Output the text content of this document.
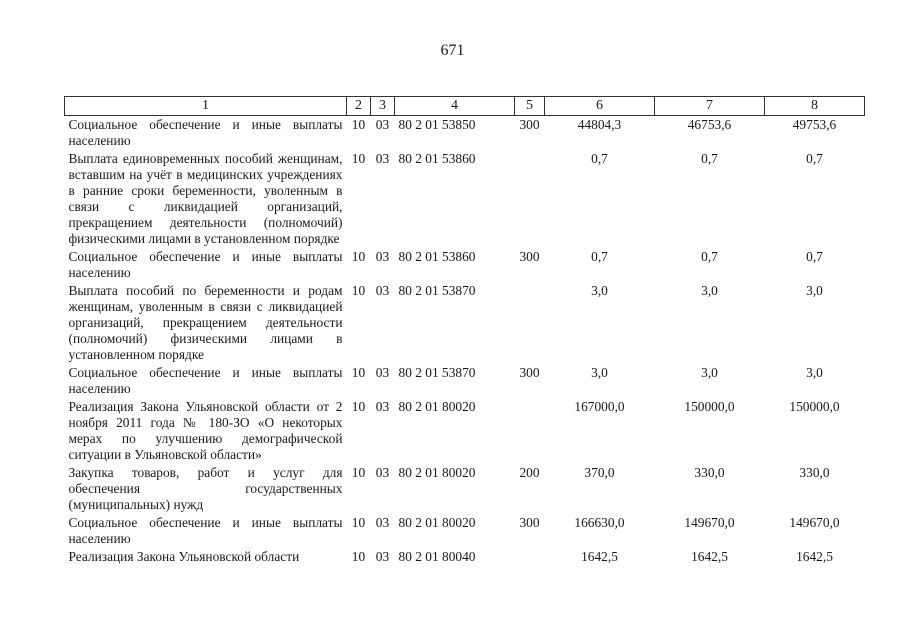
671
1	2	3	4	5	6	7	8
Социальное обеспечение и иные выплаты населению	10	03	80 2 01 53850	300	44804,3	46753,6	49753,6
Выплата единовременных пособий женщинам, вставшим на учёт в медицинских учреждениях в ранние сроки беременности, уволенным в связи с ликвидацией организаций, прекращением деятельности (полномочий) физическими лицами в установленном порядке	10	03	80 2 01 53860		0,7	0,7	0,7
Социальное обеспечение и иные выплаты населению	10	03	80 2 01 53860	300	0,7	0,7	0,7
Выплата пособий по беременности и родам женщинам, уволенным в связи с ликвидацией организаций, прекращением деятельности (полномочий) физическими лицами в установленном порядке	10	03	80 2 01 53870		3,0	3,0	3,0
Социальное обеспечение и иные выплаты населению	10	03	80 2 01 53870	300	3,0	3,0	3,0
Реализация Закона Ульяновской области от 2 ноября 2011 года № 180-ЗО «О некоторых мерах по улучшению демографической ситуации в Ульяновской области»	10	03	80 2 01 80020		167000,0	150000,0	150000,0
Закупка товаров, работ и услуг для обеспечения государственных (муниципальных) нужд	10	03	80 2 01 80020	200	370,0	330,0	330,0
Социальное обеспечение и иные выплаты населению	10	03	80 2 01 80020	300	166630,0	149670,0	149670,0
Реализация Закона Ульяновской области	10	03	80 2 01 80040		1642,5	1642,5	1642,5
